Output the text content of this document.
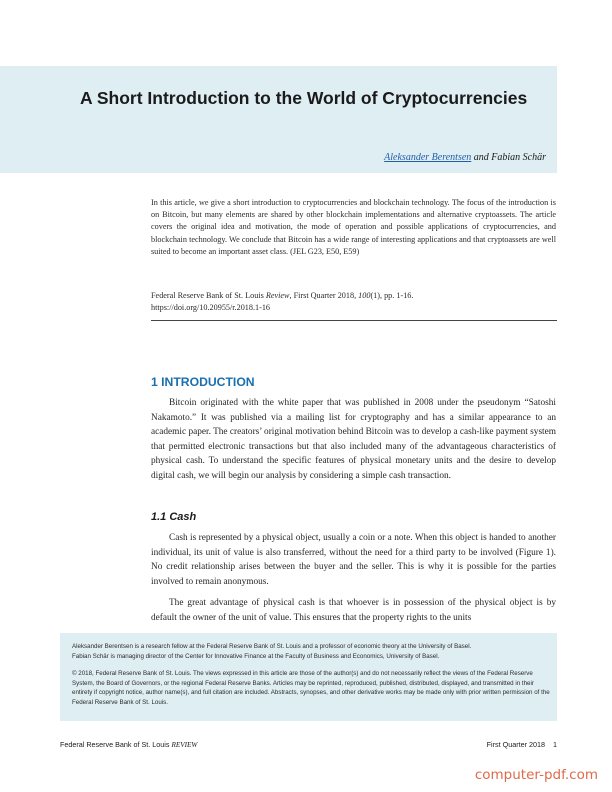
A Short Introduction to the World of Cryptocurrencies
Aleksander Berentsen and Fabian Schär

In this article, we give a short introduction to cryptocurrencies and blockchain technology. The focus of the introduction is on Bitcoin, but many elements are shared by other blockchain implementations and alternative cryptoassets. The article covers the original idea and motivation, the mode of operation and possible applications of cryptocurrencies, and blockchain technology. We conclude that Bitcoin has a wide range of interesting applications and that cryptoassets are well suited to become an important asset class. (JEL G23, E50, E59)

Federal Reserve Bank of St. Louis Review, First Quarter 2018, 100(1), pp. 1-16.
https://doi.org/10.20955/r.2018.1-16
1 INTRODUCTION

Bitcoin originated with the white paper that was published in 2008 under the pseudonym “Satoshi Nakamoto.” It was published via a mailing list for cryptography and has a similar appearance to an academic paper. The creators’ original motivation behind Bitcoin was to develop a cash-like payment system that permitted electronic transactions but that also included many of the advantageous characteristics of physical cash. To understand the specific features of physical monetary units and the desire to develop digital cash, we will begin our analysis by considering a simple cash transaction.

1.1 Cash

Cash is represented by a physical object, usually a coin or a note. When this object is handed to another individual, its unit of value is also transferred, without the need for a third party to be involved (Figure 1). No credit relationship arises between the buyer and the seller. This is why it is possible for the parties involved to remain anonymous.

The great advantage of physical cash is that whoever is in possession of the physical object is by default the owner of the unit of value. This ensures that the property rights to the units

Aleksander Berentsen is a research fellow at the Federal Reserve Bank of St. Louis and a professor of economic theory at the University of Basel.
Fabian Schär is managing director of the Center for Innovative Finance at the Faculty of Business and Economics, University of Basel.

© 2018, Federal Reserve Bank of St. Louis. The views expressed in this article are those of the author(s) and do not necessarily reflect the views of the Federal Reserve System, the Board of Governors, or the regional Federal Reserve Banks. Articles may be reprinted, reproduced, published, distributed, displayed, and transmitted in their entirety if copyright notice, author name(s), and full citation are included. Abstracts, synopses, and other derivative works may be made only with prior written permission of the Federal Reserve Bank of St. Louis.

Federal Reserve Bank of St. Louis REVIEW	First Quarter 2018 1
computer-pdf.com
